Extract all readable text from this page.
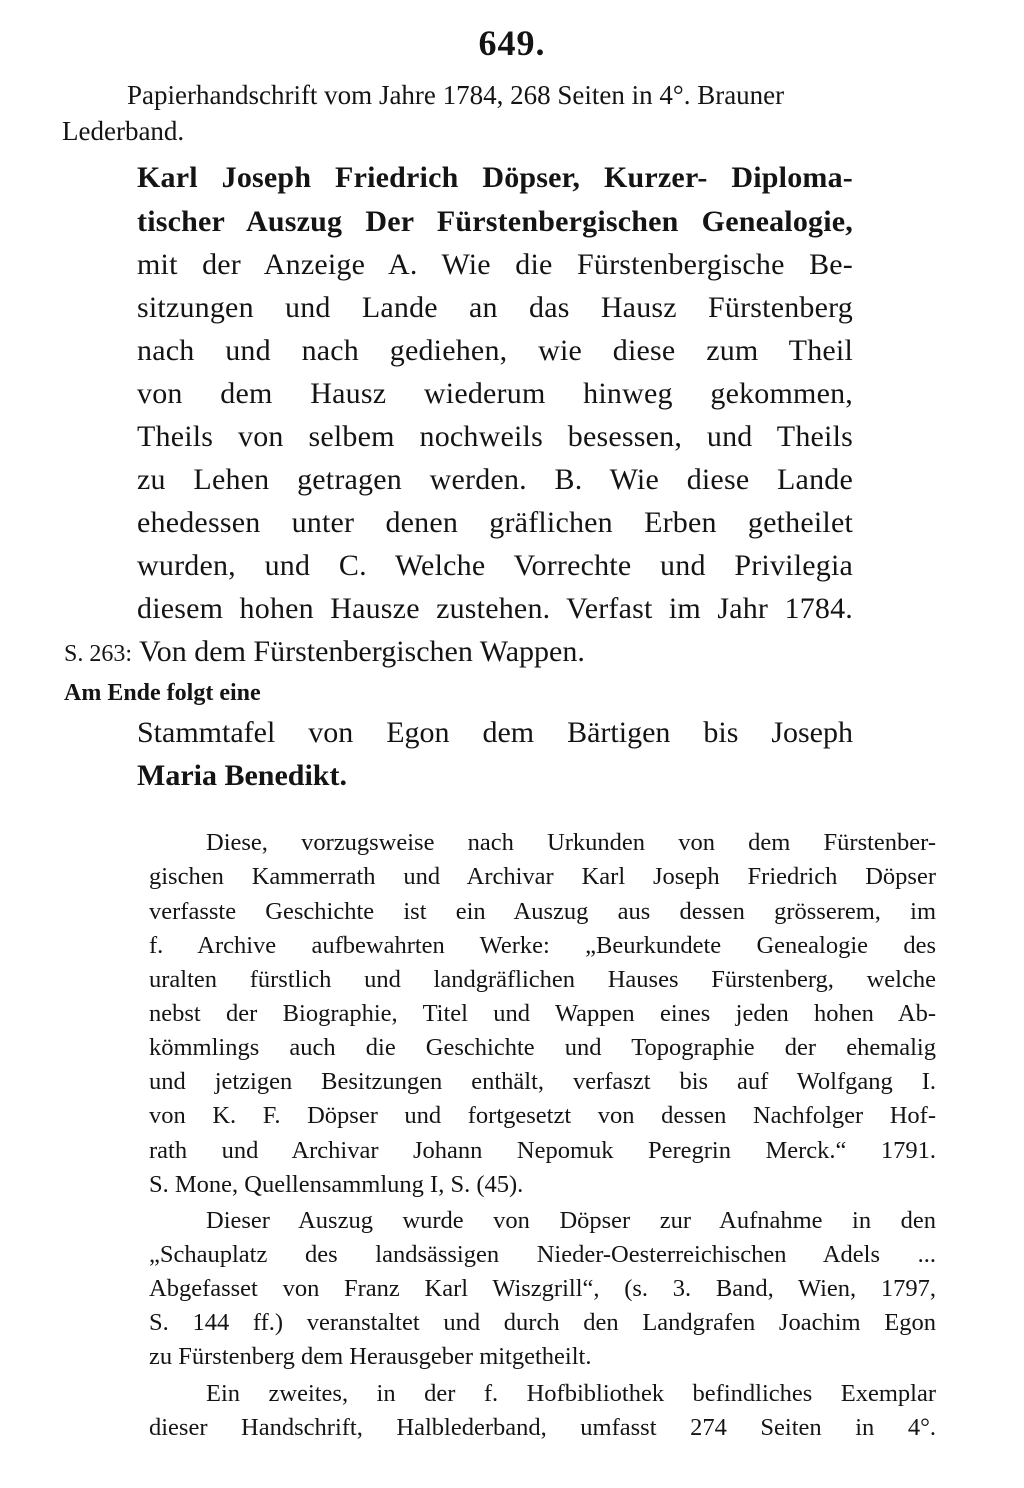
649.
Papierhandschrift vom Jahre 1784, 268 Seiten in 4°. Brauner
Lederband.
Karl Joseph Friedrich Döpser, Kurzer- Diploma-
tischer Auszug Der Fürstenbergischen Genealogie,
mit der Anzeige A. Wie die Fürstenbergische Be-
sitzungen und Lande an das Hausz Fürstenberg
nach und nach gediehen, wie diese zum Theil
von dem Hausz wiederum hinweg gekommen,
Theils von selbem nochweils besessen, und Theils
zu Lehen getragen werden. B. Wie diese Lande
ehedessen unter denen gräflichen Erben getheilet
wurden, und C. Welche Vorrechte und Privilegia
diesem hohen Hausze zustehen. Verfast im Jahr 1784.
S. 263: Von dem Fürstenbergischen Wappen.
Am Ende folgt eine
Stammtafel von Egon dem Bärtigen bis Joseph
Maria Benedikt.
Diese, vorzugsweise nach Urkunden von dem Fürstenber-
gischen Kammerrath und Archivar Karl Joseph Friedrich Döpser
verfasste Geschichte ist ein Auszug aus dessen grösserem, im
f. Archive aufbewahrten Werke: „Beurkundete Genealogie des
uralten fürstlich und landgräflichen Hauses Fürstenberg, welche
nebst der Biographie, Titel und Wappen eines jeden hohen Ab-
kömmlings auch die Geschichte und Topographie der ehemalig
und jetzigen Besitzungen enthält, verfaszt bis auf Wolfgang I.
von K. F. Döpser und fortgesetzt von dessen Nachfolger Hof-
rath und Archivar Johann Nepomuk Peregrin Merck.“ 1791.
S. Mone, Quellensammlung I, S. (45).
Dieser Auszug wurde von Döpser zur Aufnahme in den
„Schauplatz des landsässigen Nieder-Oesterreichischen Adels ...
Abgefasset von Franz Karl Wiszgrill“, (s. 3. Band, Wien, 1797,
S. 144 ff.) veranstaltet und durch den Landgrafen Joachim Egon
zu Fürstenberg dem Herausgeber mitgetheilt.
Ein zweites, in der f. Hofbibliothek befindliches Exemplar
dieser Handschrift, Halblederband, umfasst 274 Seiten in 4°.
